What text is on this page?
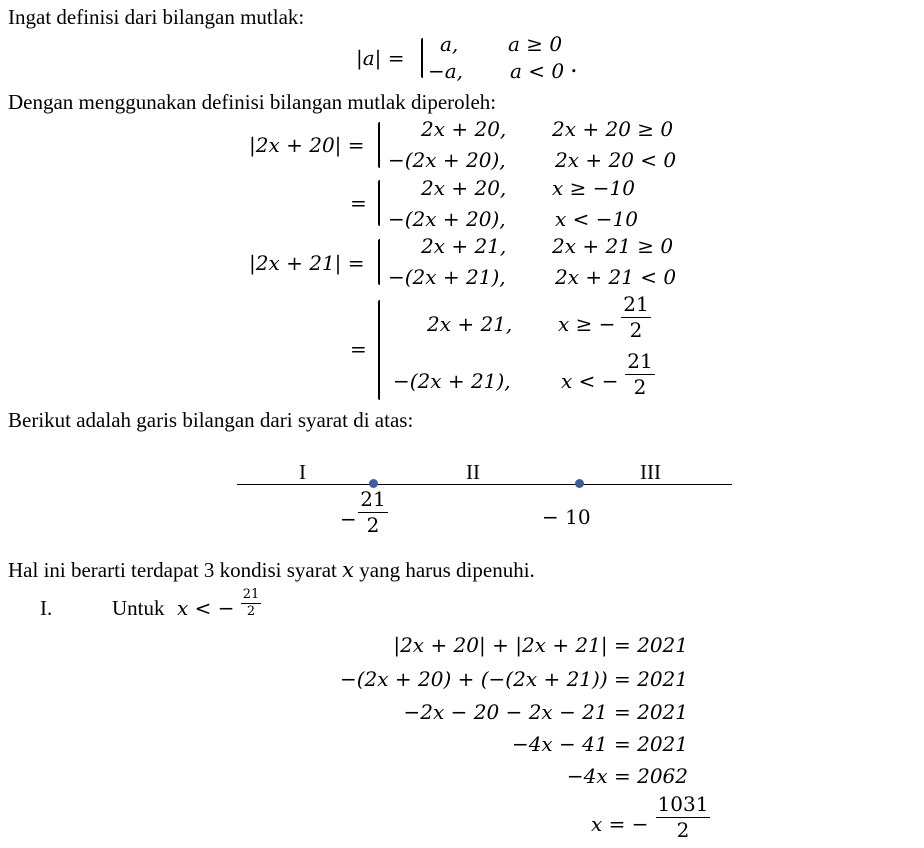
Ingat definisi dari bilangan mutlak:
|a| =
a, a ≥ 0
−a, a < 0 .
Dengan menggunakan definisi bilangan mutlak diperoleh:
|2x + 20| =
2x + 20, 2x + 20 ≥ 0
−(2x + 20), 2x + 20 < 0
=
2x + 20, x ≥ −10
−(2x + 20), x < −10
|2x + 21| =
2x + 21, 2x + 21 ≥ 0
−(2x + 21), 2x + 21 < 0
=
2x + 21, x ≥ −
21
2
−(2x + 21),	x < −
21
2
Berikut adalah garis bilangan dari syarat di atas:
I	II	III
−
21
2	− 10
Hal ini berarti terdapat 3 kondisi syarat x yang harus dipenuhi.
I.	Untuk x < −
21
2
|2x + 20| + |2x + 21| = 2021
−(2x + 20) + (−(2x + 21)) = 2021
−2x − 20 − 2x − 21 = 2021
−4x − 41 = 2021
−4x = 2062
x = −
1031
2
